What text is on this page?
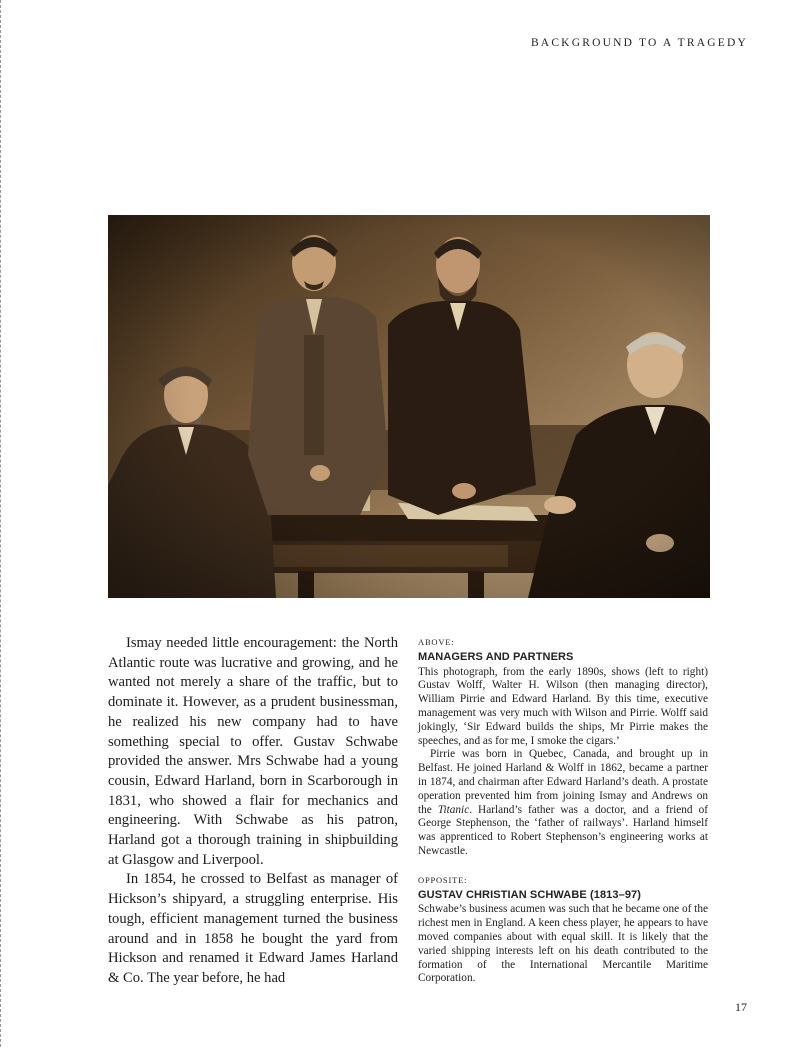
BACKGROUND TO A TRAGEDY

Ismay needed little encouragement: the North Atlantic route was lucrative and growing, and he wanted not merely a share of the traffic, but to dominate it. However, as a prudent businessman, he realized his new company had to have something special to offer. Gustav Schwabe provided the answer. Mrs Schwabe had a young cousin, Edward Harland, born in Scarborough in 1831, who showed a flair for mechanics and engineering. With Schwabe as his patron, Harland got a thorough training in shipbuilding at Glasgow and Liverpool.

In 1854, he crossed to Belfast as manager of Hickson’s shipyard, a struggling enterprise. His tough, efficient management turned the business around and in 1858 he bought the yard from Hickson and renamed it Edward James Harland & Co. The year before, he had

ABOVE:
MANAGERS AND PARTNERS

This photograph, from the early 1890s, shows (left to right) Gustav Wolff, Walter H. Wilson (then managing director), William Pirrie and Edward Harland. By this time, executive management was very much with Wilson and Pirrie. Wolff said jokingly, ‘Sir Edward builds the ships, Mr Pirrie makes the speeches, and as for me, I smoke the cigars.’

Pirrie was born in Quebec, Canada, and brought up in Belfast. He joined Harland & Wolff in 1862, became a partner in 1874, and chairman after Edward Harland’s death. A prostate operation prevented him from joining Ismay and Andrews on the Titanic. Harland’s father was a doctor, and a friend of George Stephenson, the ‘father of railways’. Harland himself was apprenticed to Robert Stephenson’s engineering works at Newcastle.

OPPOSITE:
GUSTAV CHRISTIAN SCHWABE (1813–97)

Schwabe’s business acumen was such that he became one of the richest men in England. A keen chess player, he appears to have moved companies about with equal skill. It is likely that the varied shipping interests left on his death contributed to the formation of the International Mercantile Maritime Corporation.

17
